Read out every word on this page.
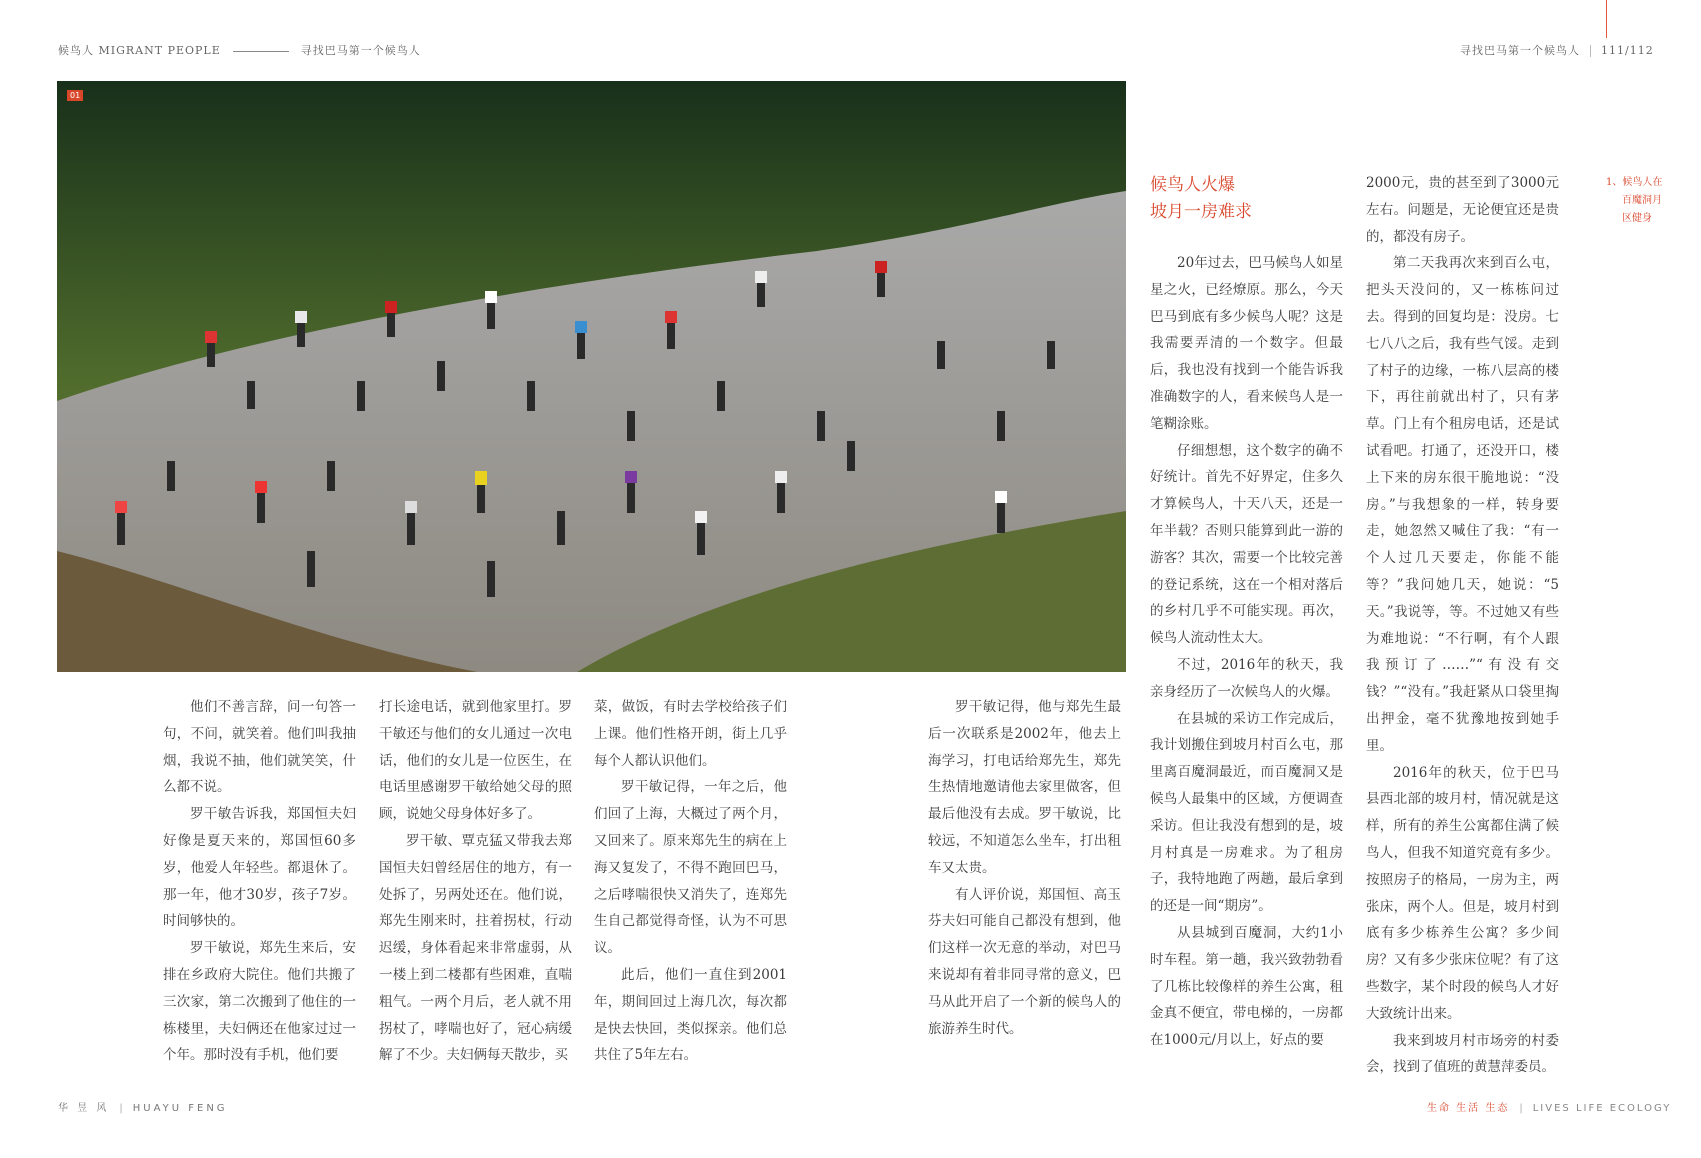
候鸟人 MIGRANT PEOPLE	寻找巴马第一个候鸟人	寻找巴马第一个候鸟人 111/112
01
候鸟人火爆
坡月一房难求
1、候鸟人在
百魔洞月
区健身

他们不善言辞，问一句答一句，不问，就笑着。他们叫我抽烟，我说不抽，他们就笑笑，什么都不说。

罗干敏告诉我，郑国恒夫妇好像是夏天来的，郑国恒60多岁，他爱人年轻些。都退休了。那一年，他才30岁，孩子7岁。时间够快的。

罗干敏说，郑先生来后，安排在乡政府大院住。他们共搬了三次家，第二次搬到了他住的一栋楼里，夫妇俩还在他家过过一个年。那时没有手机，他们要

打长途电话，就到他家里打。罗干敏还与他们的女儿通过一次电话，他们的女儿是一位医生，在电话里感谢罗干敏给她父母的照顾，说她父母身体好多了。

罗干敏、覃克猛又带我去郑国恒夫妇曾经居住的地方，有一处拆了，另两处还在。他们说，郑先生刚来时，拄着拐杖，行动迟缓，身体看起来非常虚弱，从一楼上到二楼都有些困难，直喘粗气。一两个月后，老人就不用拐杖了，哮喘也好了，冠心病缓解了不少。夫妇俩每天散步，买

菜，做饭，有时去学校给孩子们上课。他们性格开朗，街上几乎每个人都认识他们。

罗干敏记得，一年之后，他们回了上海，大概过了两个月，又回来了。原来郑先生的病在上海又复发了，不得不跑回巴马，之后哮喘很快又消失了，连郑先生自己都觉得奇怪，认为不可思议。

此后，他们一直住到2001年，期间回过上海几次，每次都是快去快回，类似探亲。他们总共住了5年左右。

罗干敏记得，他与郑先生最后一次联系是2002年，他去上海学习，打电话给郑先生，郑先生热情地邀请他去家里做客，但最后他没有去成。罗干敏说，比较远，不知道怎么坐车，打出租车又太贵。

有人评价说，郑国恒、高玉芬夫妇可能自己都没有想到，他们这样一次无意的举动，对巴马来说却有着非同寻常的意义，巴马从此开启了一个新的候鸟人的旅游养生时代。

20年过去，巴马候鸟人如星星之火，已经燎原。那么，今天巴马到底有多少候鸟人呢？这是我需要弄清的一个数字。但最后，我也没有找到一个能告诉我准确数字的人，看来候鸟人是一笔糊涂账。

仔细想想，这个数字的确不好统计。首先不好界定，住多久才算候鸟人，十天八天，还是一年半载？否则只能算到此一游的游客？其次，需要一个比较完善的登记系统，这在一个相对落后的乡村几乎不可能实现。再次，候鸟人流动性太大。

不过，2016年的秋天，我亲身经历了一次候鸟人的火爆。

在县城的采访工作完成后，我计划搬住到坡月村百么屯，那里离百魔洞最近，而百魔洞又是候鸟人最集中的区域，方便调查采访。但让我没有想到的是，坡月村真是一房难求。为了租房子，我特地跑了两趟，最后拿到的还是一间“期房”。

从县城到百魔洞，大约1小时车程。第一趟，我兴致勃勃看了几栋比较像样的养生公寓，租金真不便宜，带电梯的，一房都在1000元/月以上，好点的要

2000元，贵的甚至到了3000元左右。问题是，无论便宜还是贵的，都没有房子。

第二天我再次来到百么屯，把头天没问的，又一栋栋问过去。得到的回复均是：没房。七七八八之后，我有些气馁。走到了村子的边缘，一栋八层高的楼下，再往前就出村了，只有茅草。门上有个租房电话，还是试试看吧。打通了，还没开口，楼上下来的房东很干脆地说：“没房。”与我想象的一样，转身要走，她忽然又喊住了我：“有一个人过几天要走，你能不能等？”我问她几天，她说：“5天。”我说等，等。不过她又有些为难地说：“不行啊，有个人跟我预订了……”“有没有交钱？”“没有。”我赶紧从口袋里掏出押金，毫不犹豫地按到她手里。

2016年的秋天，位于巴马县西北部的坡月村，情况就是这样，所有的养生公寓都住满了候鸟人，但我不知道究竟有多少。按照房子的格局，一房为主，两张床，两个人。但是，坡月村到底有多少栋养生公寓？多少间房？又有多少张床位呢？有了这些数字，某个时段的候鸟人才好大致统计出来。

我来到坡月村市场旁的村委会，找到了值班的黄慧萍委员。

华 昱 风 | HUAYU FENG	生命 生活 生态 | LIVES LIFE ECOLOGY
